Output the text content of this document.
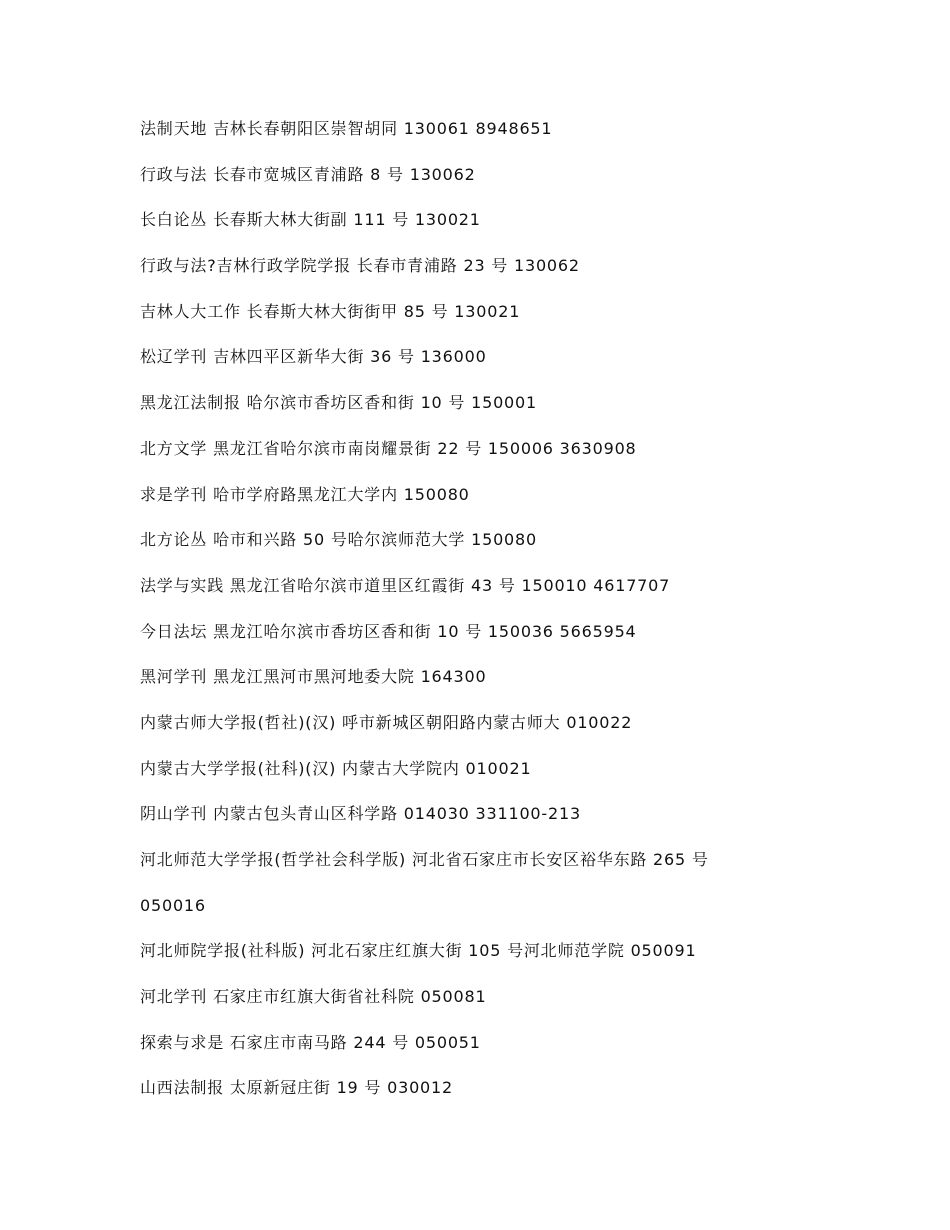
法制天地 吉林长春朝阳区崇智胡同 130061 8948651
行政与法 长春市宽城区青浦路 8 号 130062
长白论丛 长春斯大林大街副 111 号 130021
行政与法?吉林行政学院学报 长春市青浦路 23 号 130062
吉林人大工作 长春斯大林大街街甲 85 号 130021
松辽学刊 吉林四平区新华大街 36 号 136000
黑龙江法制报 哈尔滨市香坊区香和街 10 号 150001
北方文学 黑龙江省哈尔滨市南岗耀景街 22 号 150006 3630908
求是学刊 哈市学府路黑龙江大学内 150080
北方论丛 哈市和兴路 50 号哈尔滨师范大学 150080
法学与实践 黑龙江省哈尔滨市道里区红霞街 43 号 150010 4617707
今日法坛 黑龙江哈尔滨市香坊区香和街 10 号 150036 5665954
黑河学刊 黑龙江黑河市黑河地委大院 164300
内蒙古师大学报(哲社)(汉) 呼市新城区朝阳路内蒙古师大 010022
内蒙古大学学报(社科)(汉) 内蒙古大学院内 010021
阴山学刊 内蒙古包头青山区科学路 014030 331100-213
河北师范大学学报(哲学社会科学版) 河北省石家庄市长安区裕华东路 265 号
050016
河北师院学报(社科版) 河北石家庄红旗大街 105 号河北师范学院 050091
河北学刊 石家庄市红旗大街省社科院 050081
探索与求是 石家庄市南马路 244 号 050051
山西法制报 太原新冠庄街 19 号 030012
